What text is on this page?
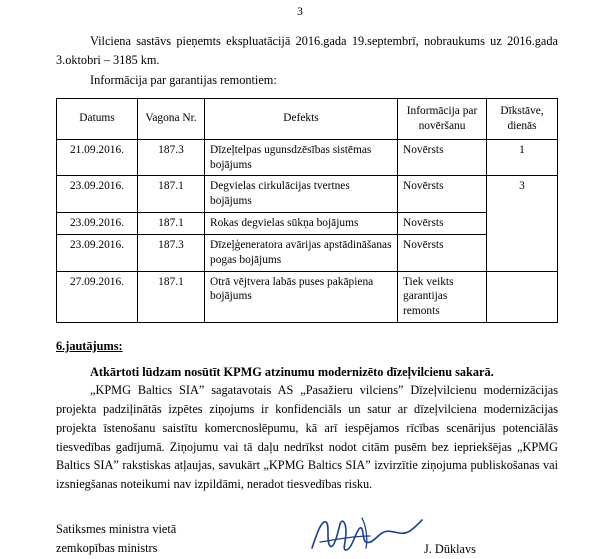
3

Vilciena sastāvs pieņemts ekspluatācijā 2016.gada 19.septembrī, nobraukums uz 2016.gada 3.oktobri – 3185 km.

Informācija par garantijas remontiem:

Datums	Vagona Nr.	Defekts	Informācija par novēršanu	Dīkstāve, dienās
21.09.2016.	187.3	Dīzeļtelpas ugunsdzēsības sistēmas bojājums	Novērsts	1
23.09.2016.	187.1	Degvielas cirkulācijas tvertnes bojājums	Novērsts	3
23.09.2016.	187.1	Rokas degvielas sūkņa bojājums	Novērsts	
23.09.2016.	187.3	Dīzeļģeneratora avārijas apstādināšanas pogas bojājums	Novērsts	
27.09.2016.	187.1	Otrā vējtvera labās puses pakāpiena bojājums	Tiek veikts garantijas remonts	
6.jautājums:
Atkārtoti lūdzam nosūtīt KPMG atzinumu modernizēto dīzeļvilcienu sakarā.

„KPMG Baltics SIA” sagatavotais AS „Pasažieru vilciens” Dīzeļvilcienu modernizācijas projekta padziļinātās izpētes ziņojums ir konfidenciāls un satur ar dīzeļvilciena modernizācijas projekta īstenošanu saistītu komercnoslēpumu, kā arī iespējamos rīcības scenārijus potenciālās tiesvedības gadījumā. Ziņojumu vai tā daļu nedrīkst nodot citām pusēm bez iepriekšējas „KPMG Baltics SIA” rakstiskas atļaujas, savukārt „KPMG Baltics SIA” izvirzītie ziņojuma publiskošanas vai izsniegšanas noteikumi nav izpildāmi, neradot tiesvedības risku.

Satiksmes ministra vietā
zemkopības ministrs	J. Dūklavs
